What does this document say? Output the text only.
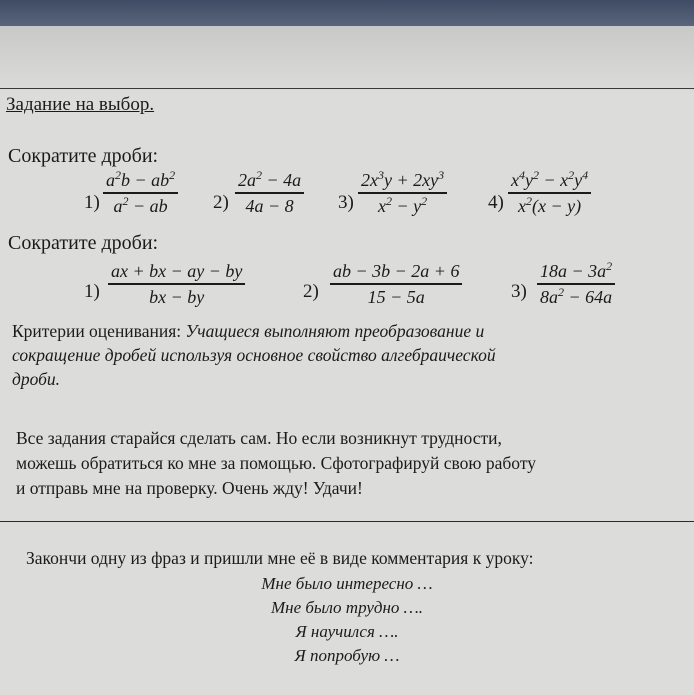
Задание на выбор.
Сократите дроби:
1)
$a^2b - ab^2$
$a^2$ − ab 2)
$2a^2 - 4a$
4a − 8 3)
$2x^3y + 2xy^3$
$x^2 - y^2$	4)
$x^4y^2 - x^2y^4$
$x^2(x - y)$
Сократите дроби:
1)
ax + bx − ay − by
bx − by	2)
ab − 3b − 2a + 6
15 − 5a	3)
$18a - 3a^2$
$8a^2 - 64a$
Критерии оценивания: Учащиеся выполняют преобразование и
сокращение дробей используя основное свойство алгебраической
дроби.
Все задания старайся сделать сам. Но если возникнут трудности,
можешь обратиться ко мне за помощью. Сфотографируй свою работу
и отправь мне на проверку. Очень жду! Удачи!
Закончи одну из фраз и пришли мне её в виде комментария к уроку:
Мне было интересно …
Мне было трудно ….
Я научился ….
Я попробую …
